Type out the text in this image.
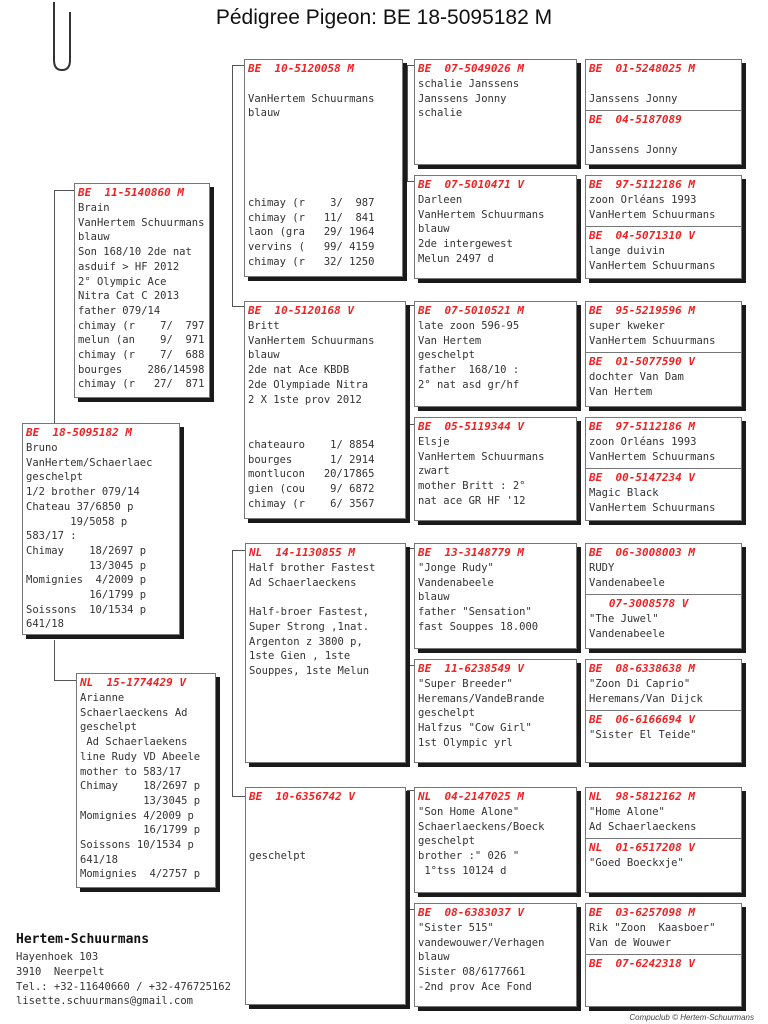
Pédigree Pigeon: BE 18-5095182 M
BE  18-5095182 M
Bruno
VanHertem/Schaerlaec
geschelpt
1/2 brother 079/14
Chateau 37/6850 p
19/5058 p
583/17 :
Chimay    18/2697 p
13/3045 p
Momignies  4/2009 p
16/1799 p
Soissons  10/1534 p
641/18
BE  11-5140860 M
Brain
VanHertem Schuurmans
blauw
Son 168/10 2de nat
asduif > HF 2012
2° Olympic Ace
Nitra Cat C 2013
father 079/14
chimay (r    7/  797
melun (an    9/  971
chimay (r    7/  688
bourges    286/14598
chimay (r   27/  871
NL  15-1774429 V
Arianne
Schaerlaeckens Ad
geschelpt
Ad Schaerlaekens
line Rudy VD Abeele
mother to 583/17
Chimay    18/2697 p
13/3045 p
Momignies 4/2009 p
16/1799 p
Soissons 10/1534 p
641/18
Momignies  4/2757 p
BE  10-5120058 M

VanHertem Schuurmans
blauw
chimay (r    3/  987
chimay (r   11/  841
laon (gra   29/ 1964
vervins (   99/ 4159
chimay (r   32/ 1250
BE  10-5120168 V
Britt
VanHertem Schuurmans
blauw
2de nat Ace KBDB
2de Olympiade Nitra
2 X 1ste prov 2012
chateauro    1/ 8854
bourges      1/ 2914
montlucon   20/17865
gien (cou    9/ 6872
chimay (r    6/ 3567
NL  14-1130855 M
Half brother Fastest
Ad Schaerlaeckens

Half-broer Fastest,
Super Strong ,1nat.
Argenton z 3800 p,
1ste Gien , 1ste
Souppes, 1ste Melun
BE  10-6356742 V

geschelpt
BE  07-5049026 M
schalie Janssens
Janssens Jonny
schalie
BE  07-5010471 V
Darleen
VanHertem Schuurmans
blauw
2de intergewest
Melun 2497 d
BE  07-5010521 M
late zoon 596-95
Van Hertem
geschelpt
father  168/10 :
2° nat asd gr/hf
BE  05-5119344 V
Elsje
VanHertem Schuurmans
zwart
mother Britt : 2°
nat ace GR HF '12
BE  13-3148779 M
"Jonge Rudy"
Vandenabeele
blauw
father "Sensation"
fast Souppes 18.000
BE  11-6238549 V
"Super Breeder"
Heremans/VandeBrande
geschelpt
Halfzus "Cow Girl"
1st Olympic yrl
NL  04-2147025 M
"Son Home Alone"
Schaerlaeckens/Boeck
geschelpt
brother :" 026 "
1°tss 10124 d
BE  08-6383037 V
"Sister 515"
vandewouwer/Verhagen
blauw
Sister 08/6177661
-2nd prov Ace Fond
BE  01-5248025 M

Janssens Jonny
BE  04-5187089

Janssens Jonny
BE  97-5112186 M
zoon Orléans 1993
VanHertem Schuurmans
BE  04-5071310 V
lange duivin
VanHertem Schuurmans
BE  95-5219596 M
super kweker
VanHertem Schuurmans
BE  01-5077590 V
dochter Van Dam
Van Hertem
BE  97-5112186 M
zoon Orléans 1993
VanHertem Schuurmans
BE  00-5147234 V
Magic Black
VanHertem Schuurmans
BE  06-3008003 M
RUDY
Vandenabeele
07-3008578 V
"The Juwel"
Vandenabeele
BE  08-6338638 M
"Zoon Di Caprio"
Heremans/Van Dijck
BE  06-6166694 V
"Sister El Teide"
NL  98-5812162 M
"Home Alone"
Ad Schaerlaeckens
NL  01-6517208 V
"Goed Boeckxje"
BE  03-6257098 M
Rik "Zoon  Kaasboer"
Van de Wouwer
BE  07-6242318 V
Hertem-Schuurmans
Hayenhoek 103
3910  Neerpelt
Tel.: +32-11640660 / +32-476725162
lisette.schuurmans@gmail.com
Compuclub © Hertem-Schuurmans
